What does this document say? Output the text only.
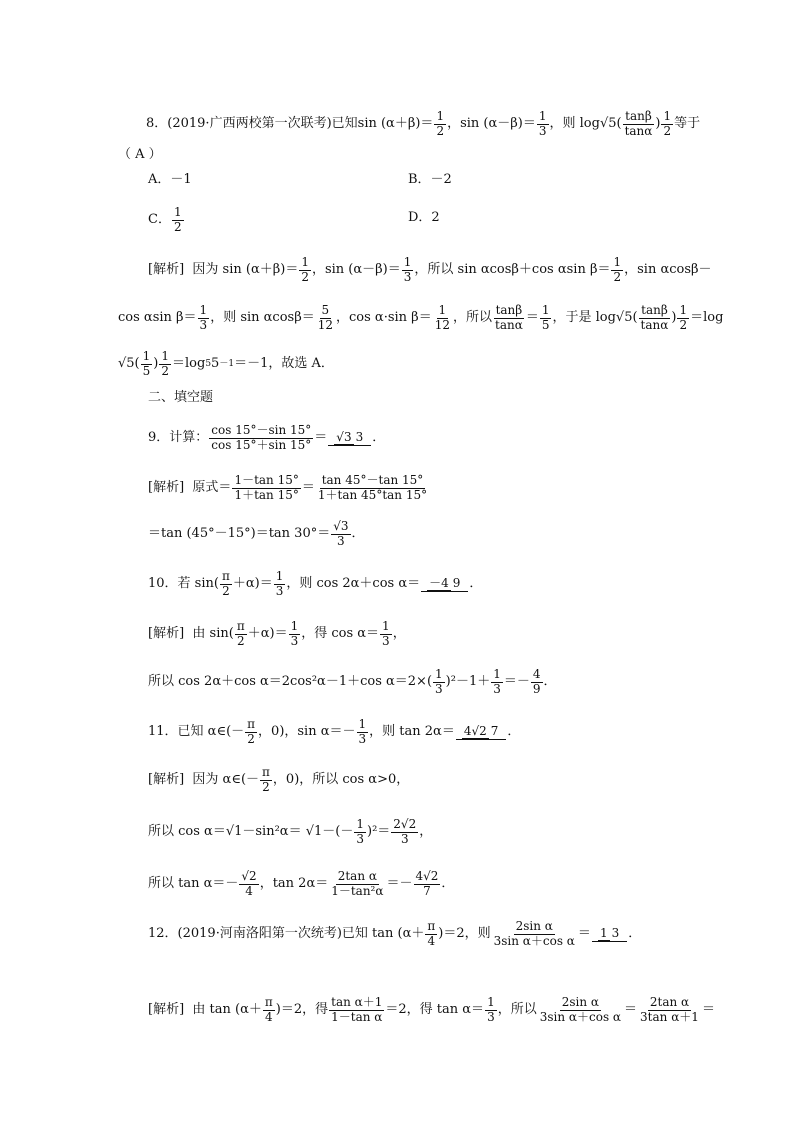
8． (2019·广西两校第一次联考)已知 $\sin (\alpha+\beta)= \frac{1}{2}$ ，$\sin (\alpha-\beta)= \frac{1}{3}$ ，则 $\log√5( \frac{\tan\beta}{\tan\alpha}$ ) $\frac{1}{2}$ 等于
（ A ）
A．－1	B．－2
C． $\frac{1}{2}$	D．2
[解析]
因为 $\sin (\alpha+\beta)= \frac{1}{2}$ ，$\sin (\alpha-\beta)= \frac{1}{3}$ ，所以 sin αcosβ＋cos αsin $\beta= \frac{1}{2}$ ，sin αcosβ－
cos αsin $\beta= \frac{1}{3}$ ，则 $\sin \alpha\cos\beta= \frac{5}{12}$ ，cos α·sin $\beta= \frac{1}{12}$ ，所以 $\frac{\tan\beta}{\tan\alpha} = \frac{1}{5}$ ，于是 $\log√5( \frac{\tan\beta}{\tan\alpha}$ ) $\frac{1}{2} =\log$
$√5( \frac{1}{5}$ ) $\frac{1}{2} =\log$ 5 5 －1 ＝－1，故选 A．
二、填空题
9．计算： $\frac{\cos 15^\circ-\sin 15^\circ}{\cos 15^\circ+\sin 15^\circ} = √3$ 3 ．
[解析]
原式＝ $\frac{1-\tan 15^\circ}{1+\tan 15^\circ} = \frac{\tan 45^\circ-\tan 15^\circ}{1+\tan 45^\circ\tan 15^\circ}$
＝tan (45°－15°)＝tan $30^\circ= \frac{√3}{3}$ ．
10．若 $\sin( \frac{\pi}{2} +\alpha)= \frac{1}{3}$ ，则 cos 2α＋cos α＝ －4 9 ．
[解析]
由 $\sin( \frac{\pi}{2} +\alpha)= \frac{1}{3}$ ，得 $\cos \alpha= \frac{1}{3}$ ，
所以 cos 2α＋cos α＝2cos²α－1＋cos $\alpha=2\times( \frac{1}{3} )^2-1+ \frac{1}{3} =- \frac{4}{9}$ ．
11．已知 α∈(－ $\frac{\pi}{2}$ ，0)，$\sin \alpha=- \frac{1}{3}$ ，则 tan 2α＝ 4√2 7 ．
[解析]
因为 α∈(－ $\frac{\pi}{2}$ ，0)，所以 cos α>0，
所以 cos α＝√1－sin²α＝
$√1-(- \frac{1}{3} )^2= \frac{2√2}{3}$ ，
所以 $\tan \alpha=- \frac{√2}{4}$ ，$\tan 2\alpha= \frac{\text{2tan α}}{\text{1－tan²α}} =- \frac{4√2}{7}$ ．
12．(2019·河南洛阳第一次统考)已知 $\tan (\alpha+ \frac{\pi}{4} )=2$，则 $\frac{\text{2sin α}}{\text{3sin α＋cos α}} = 1$ 3 ．
[解析]
由 $\tan (\alpha+ \frac{\pi}{4} )=2$，得 $\frac{\text{tan α＋1}}{\text{1－tan α}} =2$，得 $\tan \alpha= \frac{1}{3}$ ，所以 $\frac{\text{2sin α}}{\text{3sin α＋cos α}} = \frac{\text{2tan α}}{\text{3tan α＋1}}$ ＝
